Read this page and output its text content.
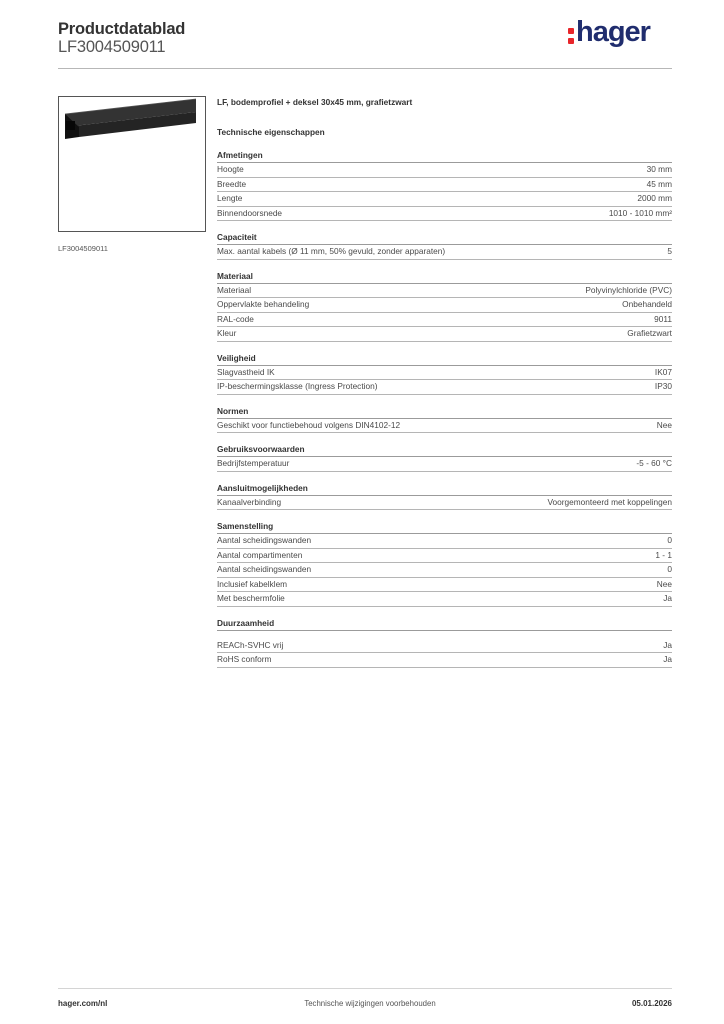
Productdatablad
LF3004509011	hager
LF3004509011
LF, bodemprofiel + deksel 30x45 mm, grafietzwart
Technische eigenschappen
Afmetingen
Hoogte	30 mm
Breedte	45 mm
Lengte	2000 mm
Binnendoorsnede	1010 - 1010 mm²
Capaciteit
Max. aantal kabels (Ø 11 mm, 50% gevuld, zonder apparaten)	5
Materiaal
Materiaal	Polyvinylchloride (PVC)
Oppervlakte behandeling	Onbehandeld
RAL-code	9011
Kleur	Grafietzwart
Veiligheid
Slagvastheid IK	IK07
IP-beschermingsklasse (Ingress Protection)	IP30
Normen
Geschikt voor functiebehoud volgens DIN4102-12	Nee
Gebruiksvoorwaarden
Bedrijfstemperatuur	-5 - 60 °C
Aansluitmogelijkheden
Kanaalverbinding	Voorgemonteerd met koppelingen
Samenstelling
Aantal scheidingswanden	0
Aantal compartimenten	1 - 1
Aantal scheidingswanden	0
Inclusief kabelklem	Nee
Met beschermfolie	Ja
Duurzaamheid
REACh-SVHC vrij	Ja
RoHS conform	Ja
hager.com/nl	Technische wijzigingen voorbehouden	05.01.2026
